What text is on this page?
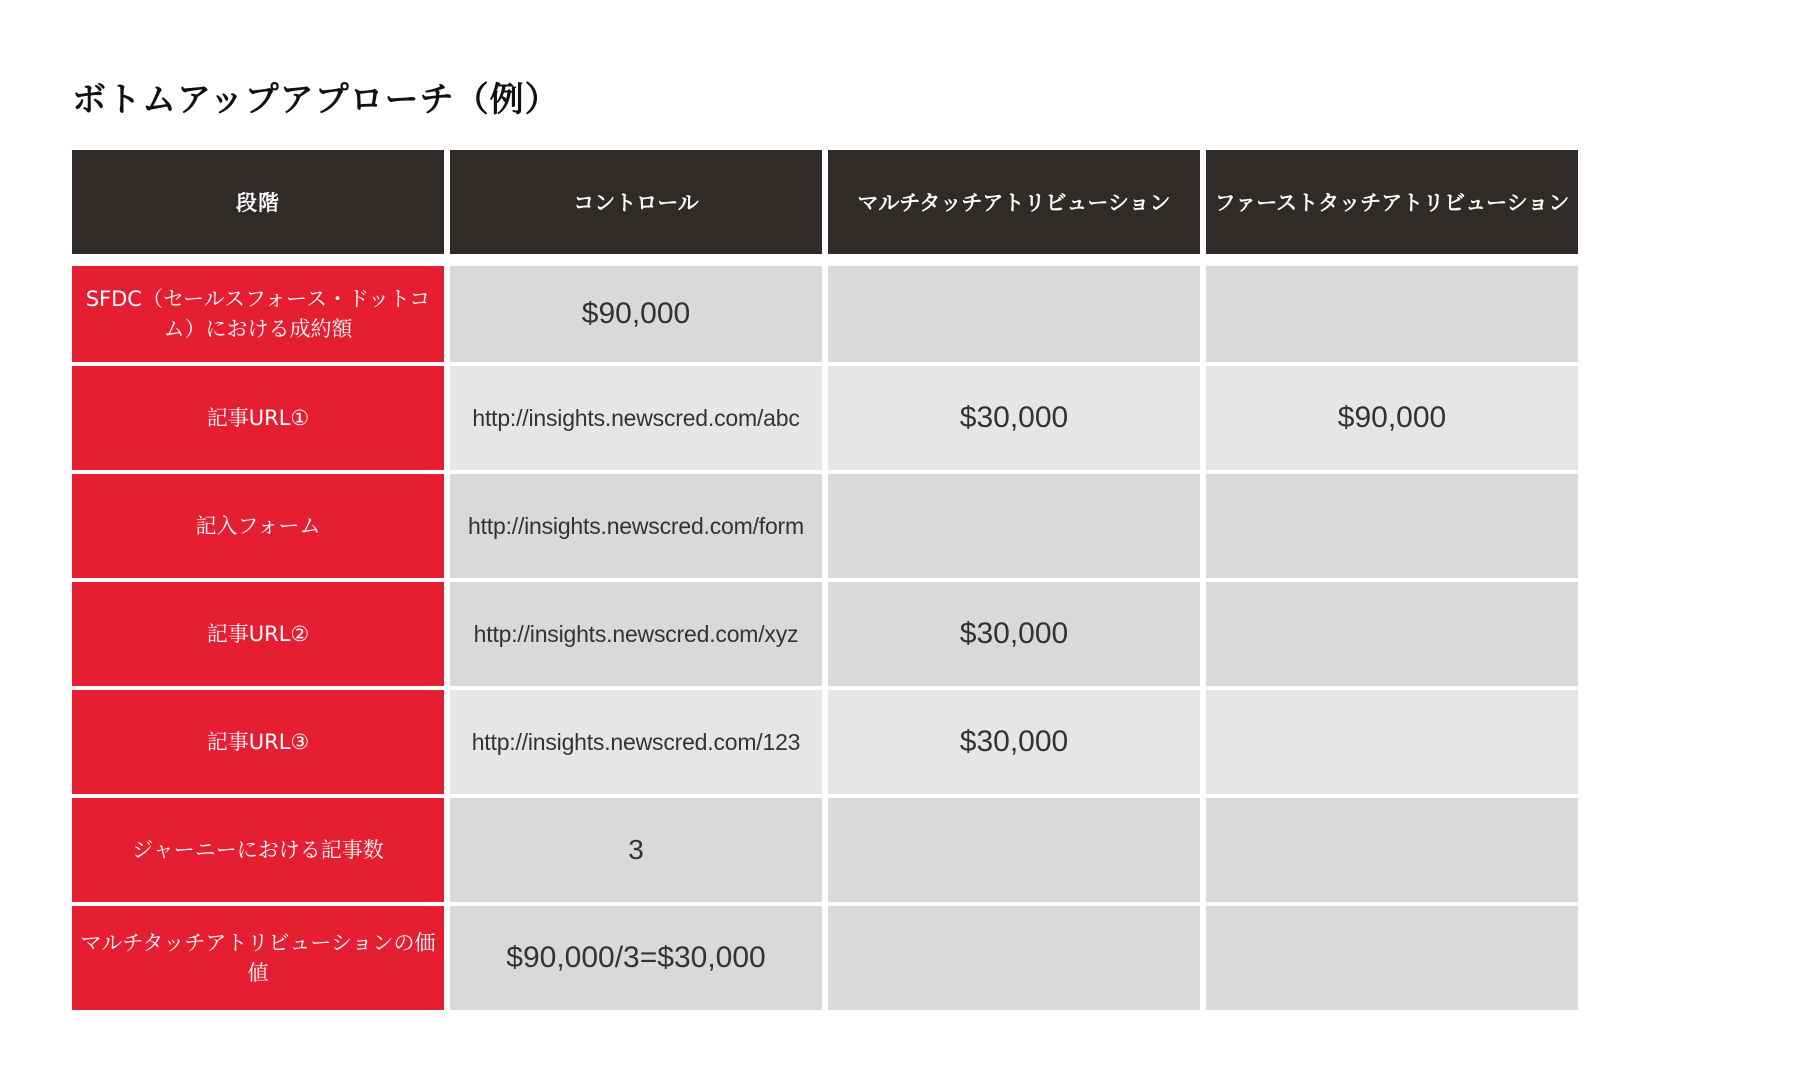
ボトムアップアプローチ（例）
段階	コントロール	マルチタッチアトリビューション	ファーストタッチアトリビューション
SFDC（セールスフォース・ドットコム）における成約額	$90,000
記事URL①	http://insights.newscred.com/abc	$30,000	$90,000
記入フォーム	http://insights.newscred.com/form
記事URL②	http://insights.newscred.com/xyz	$30,000
記事URL③	http://insights.newscred.com/123	$30,000
ジャーニーにおける記事数	3
マルチタッチアトリビューションの価値	$90,000/3=$30,000
